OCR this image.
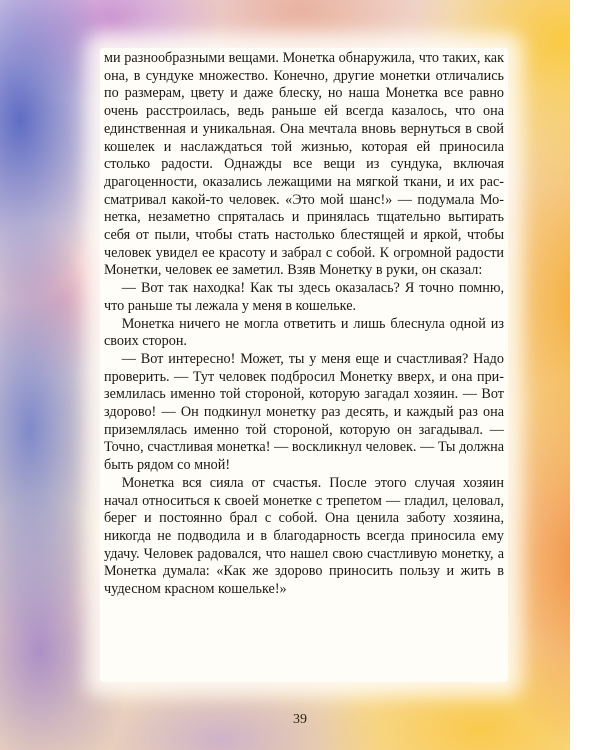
ми разнообразными вещами. Монетка обнаружила, что таких, как она, в сундуке множество. Конечно, другие монетки отличались по размерам, цвету и даже блеску, но наша Монетка все равно очень расстроилась, ведь раньше ей всегда казалось, что она единственная и уникальная. Она мечтала вновь вернуться в свой кошелек и наслаждаться той жизнью, которая ей приносила столько радости. Однажды все вещи из сундука, включая драгоценности, оказались лежащими на мягкой ткани, и их рассматривал какой-то человек. «Это мой шанс!» — подумала Монетка, незаметно спряталась и принялась тщательно вытирать себя от пыли, чтобы стать настолько блестящей и яркой, чтобы человек увидел ее красоту и забрал с собой. К огромной радости Монетки, человек ее заметил. Взяв Монетку в руки, он сказал:

— Вот так находка! Как ты здесь оказалась? Я точно помню, что раньше ты лежала у меня в кошельке.

Монетка ничего не могла ответить и лишь блеснула одной из своих сторон.

— Вот интересно! Может, ты у меня еще и счастливая? Надо проверить. — Тут человек подбросил Монетку вверх, и она приземлилась именно той стороной, которую загадал хозяин. — Вот здорово! — Он подкинул монетку раз десять, и каждый раз она приземлялась именно той стороной, которую он загадывал. — Точно, счастливая монетка! — воскликнул человек. — Ты должна быть рядом со мной!

Монетка вся сияла от счастья. После этого случая хозяин начал относиться к своей монетке с трепетом — гладил, целовал, берег и постоянно брал с собой. Она ценила заботу хозяина, никогда не подводила и в благодарность всегда приносила ему удачу. Человек радовался, что нашел свою счастливую монетку, а Монетка думала: «Как же здорово приносить пользу и жить в чудесном красном кошельке!»

39
